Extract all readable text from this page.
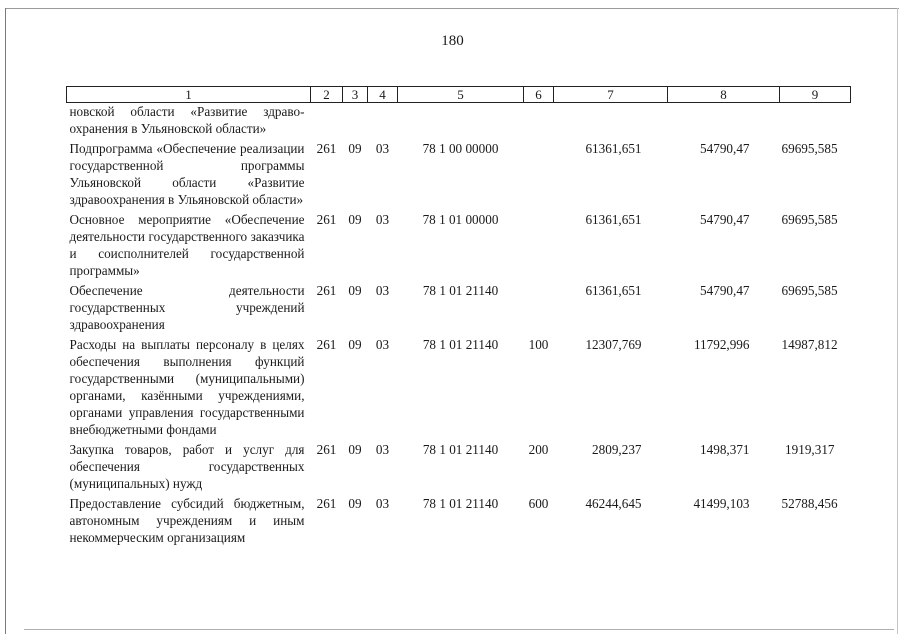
180
1	2	3	4	5	6	7	8	9
новской области «Развитие здраво-охранения в Ульяновской области»								
Подпрограмма «Обеспечение реализации государственной программы Ульяновской области «Развитие здравоохранения в Ульяновской области»	261	09	03	78 1 00 00000		61361,651	54790,47	69695,585
Основное мероприятие «Обеспечение деятельности государственного заказчика и соисполнителей государственной программы»	261	09	03	78 1 01 00000		61361,651	54790,47	69695,585
Обеспечение деятельности государственных учреждений здравоохранения	261	09	03	78 1 01 21140		61361,651	54790,47	69695,585
Расходы на выплаты персоналу в целях обеспечения выполнения функций государственными (муниципальными) органами, казёнными учреждениями, органами управления государственными внебюджетными фондами	261	09	03	78 1 01 21140	100	12307,769	11792,996	14987,812
Закупка товаров, работ и услуг для обеспечения государственных (муниципальных) нужд	261	09	03	78 1 01 21140	200	2809,237	1498,371	1919,317
Предоставление субсидий бюджетным, автономным учреждениям и иным некоммерческим организациям	261	09	03	78 1 01 21140	600	46244,645	41499,103	52788,456
